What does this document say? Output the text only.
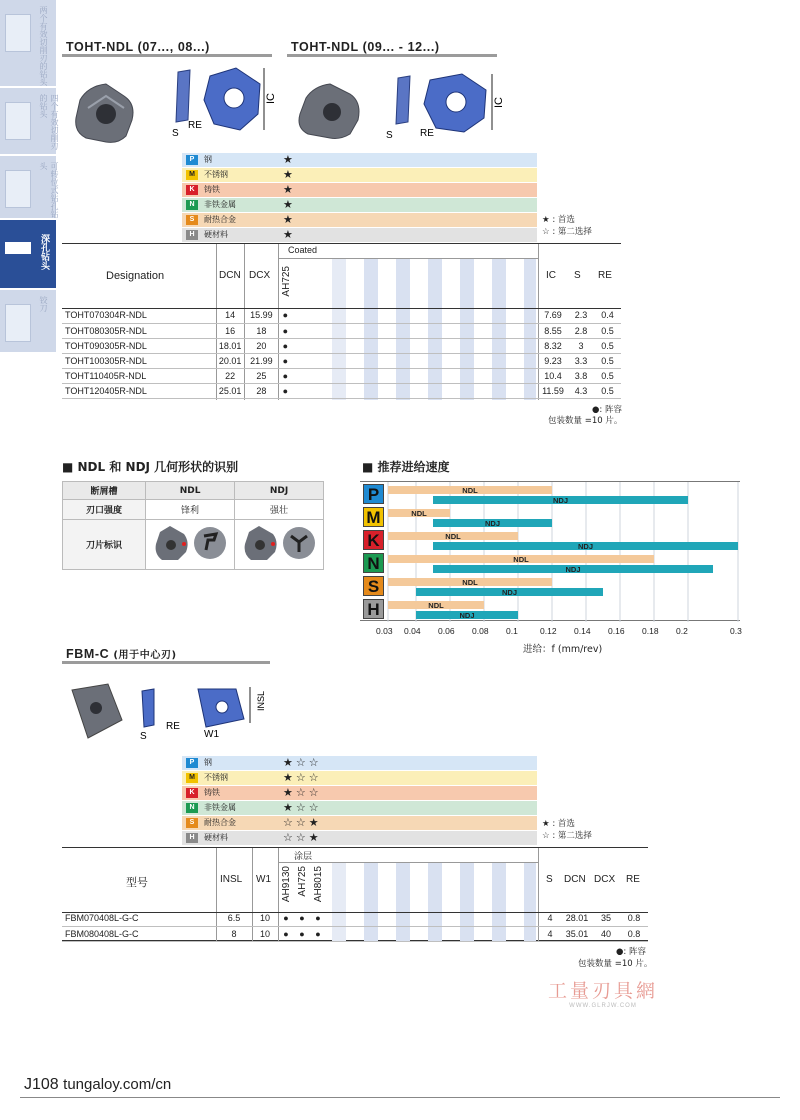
两个有效切削刃的钻头
四个有效切削刃的钻头
可转位式钻孔钻头
深孔钻头
铰刀
TOHT-NDL (07..., 08...)	TOHT-NDL (09... - 12...)
IC
S
RE
IC
S	RE
P	钢	★
M	不锈钢	★
K	铸铁	★
N	非铁金属	★
S	耐热合金	★
H	硬材料	★
★ : 首选
☆ : 第二选择
Designation	DCN DCX
Coated
AH725	IC S RE
TOHT070304R-NDL	14	15.99	●		7.69	2.3	0.4
TOHT080305R-NDL	16	18	●		8.55	2.8	0.5
TOHT090305R-NDL	18.01	20	●		8.32	3	0.5
TOHT100305R-NDL	20.01	21.99	●		9.23	3.3	0.5
TOHT110405R-NDL	22	25	●		10.4	3.8	0.5
TOHT120405R-NDL	25.01	28	●		11.59	4.3	0.5
●: 阵容
包装数量 =10 片。
■ NDL 和 NDJ 几何形状的识别
断屑槽	NDL	NDJ
刃口强度	锋利	强壮
刀片标识		
■ 推荐进给速度
NDL
NDJ
NDL
NDJ
NDL
NDJ
NDL
NDJ
NDL
NDJ
NDL
NDJ
P
M
K
N
S
H
0.03 0.04 0.06 0.08 0.1	0.12 0.14 0.16 0.18 0.2	0.3
进给：f (mm/rev)
FBM-C (用于中心刃)
S
RE
W1
INSL
P	钢	★☆☆
M	不锈钢	★☆☆
K	铸铁	★☆☆
N	非铁金属	★☆☆
S	耐热合金	☆☆★
H	硬材料	☆☆★
★ : 首选
☆ : 第二选择
型号	INSL W1
涂层
AH9130 AH725 AH8015	S DCN DCX RE
FBM070408L-G-C	6.5	10	●	●	●		4	28.01	35	0.8
FBM080408L-G-C	8	10	●	●	●		4	35.01	40	0.8
●: 阵容
包装数量 =10 片。
工量刃具網
WWW.GLRJW.COM
J108 tungaloy.com/cn
